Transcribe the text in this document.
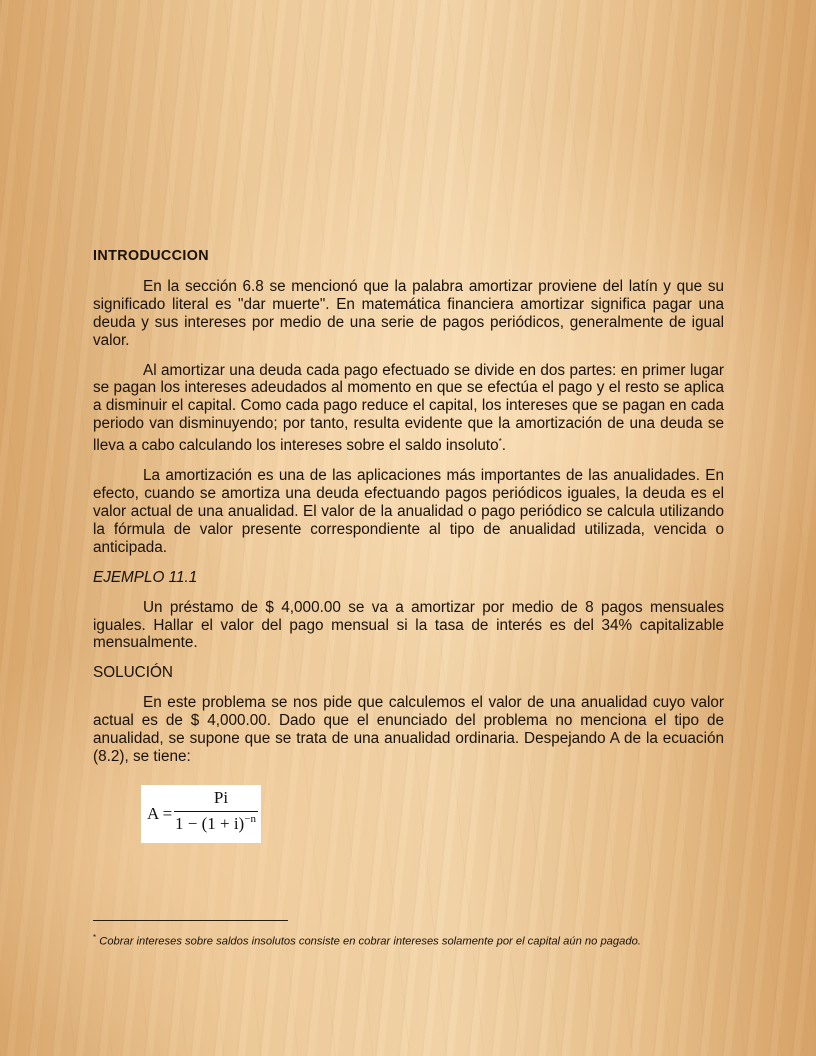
INTRODUCCION

En la sección 6.8 se mencionó que la palabra amortizar proviene del latín y que su significado literal es "dar muerte". En matemática financiera amortizar significa pagar una deuda y sus intereses por medio de una serie de pagos periódicos, generalmente de igual valor.

Al amortizar una deuda cada pago efectuado se divide en dos partes: en primer lugar se pagan los intereses adeudados al momento en que se efectúa el pago y el resto se aplica a disminuir el capital. Como cada pago reduce el capital, los intereses que se pagan en cada periodo van disminuyendo; por tanto, resulta evidente que la amortización de una deuda se lleva a cabo calculando los intereses sobre el saldo insoluto*.

La amortización es una de las aplicaciones más importantes de las anualidades. En efecto, cuando se amortiza una deuda efectuando pagos periódicos iguales, la deuda es el valor actual de una anualidad. El valor de la anualidad o pago periódico se calcula utilizando la fórmula de valor presente correspondiente al tipo de anualidad utilizada, vencida o anticipada.

EJEMPLO 11.1

Un préstamo de $ 4,000.00 se va a amortizar por medio de 8 pagos mensuales iguales. Hallar el valor del pago mensual si la tasa de interés es del 34% capitalizable mensualmente.

SOLUCIÓN

En este problema se nos pide que calculemos el valor de una anualidad cuyo valor actual es de $ 4,000.00. Dado que el enunciado del problema no menciona el tipo de anualidad, se supone que se trata de una anualidad ordinaria. Despejando A de la ecuación (8.2), se tiene:

A =
Pi
$1 - (1 + i)^{-n}$
* Cobrar intereses sobre saldos insolutos consiste en cobrar intereses solamente por el capital aún no pagado.
